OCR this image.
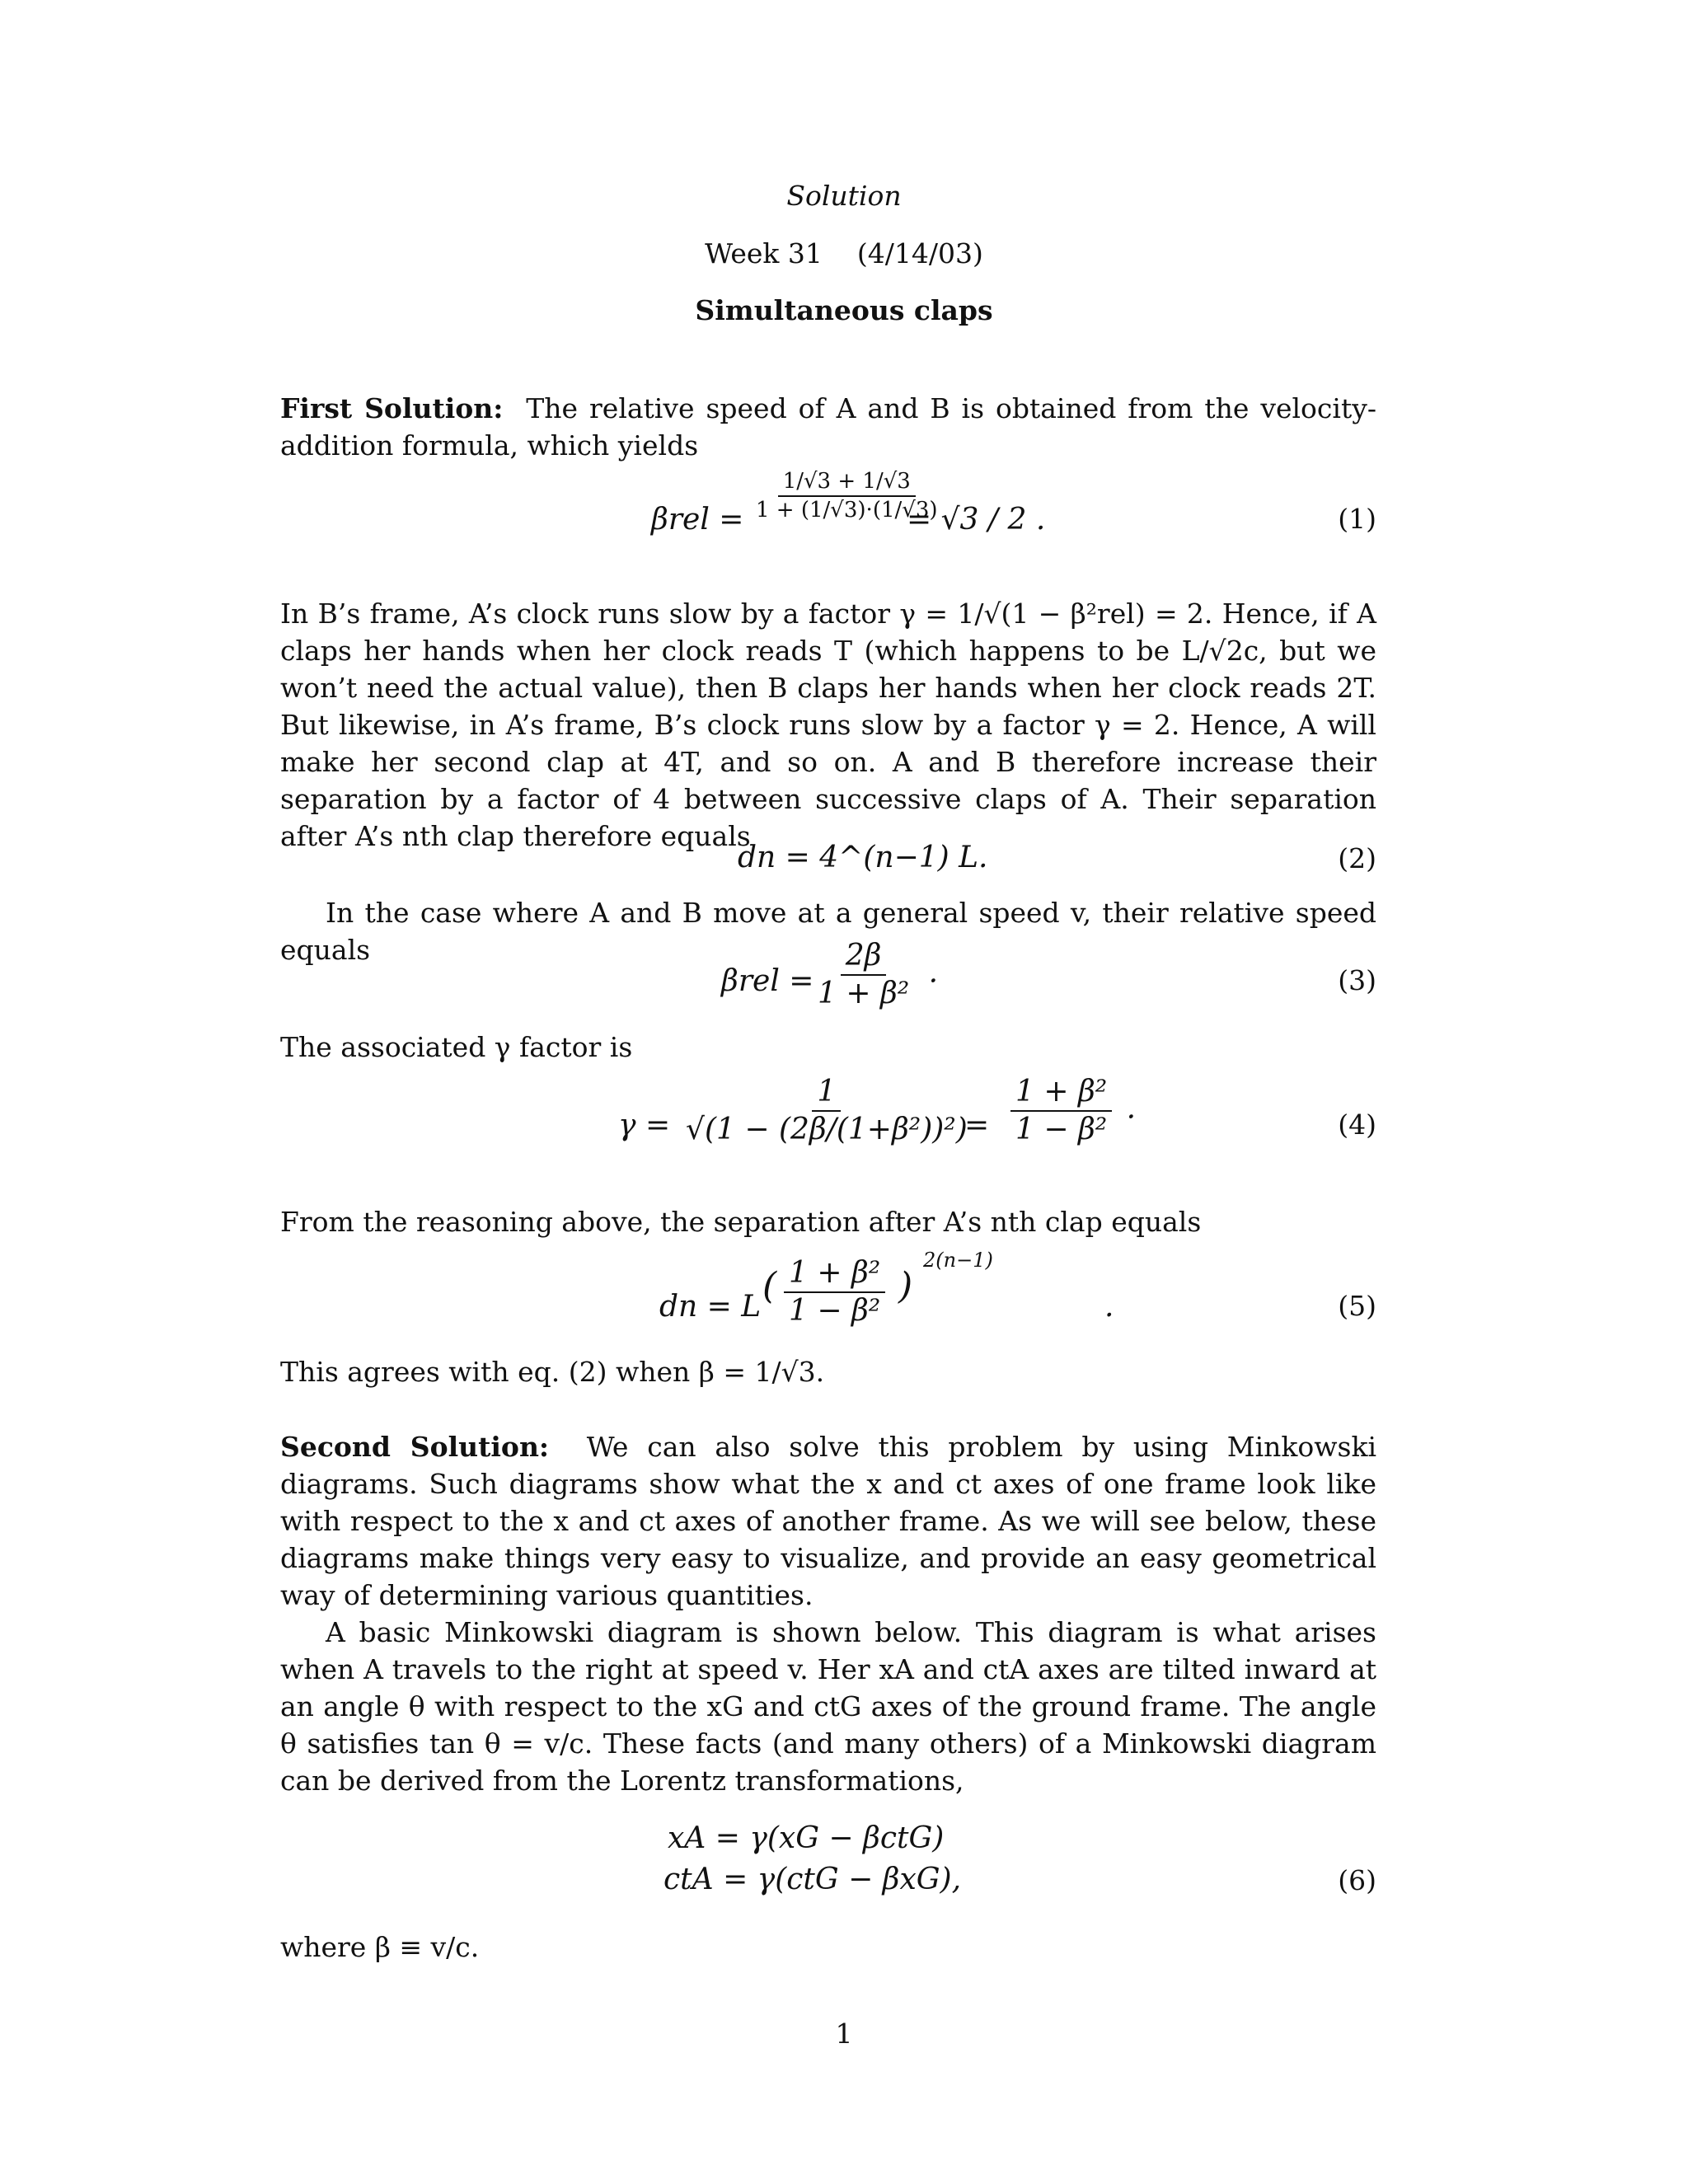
Solution
Week 31 (4/14/03)
Simultaneous claps

First Solution: The relative speed of A and B is obtained from the velocity-addition formula, which yields

$\beta rel = \frac{1/√3 + 1/√3}{1 + (1/√3)\cdot(1/√3)}$
= √3 / 2 .	(1)

In B’s frame, A’s clock runs slow by a factor γ = 1/√(1 − β²rel) = 2. Hence, if A claps her hands when her clock reads T (which happens to be L/√2c, but we won’t need the actual value), then B claps her hands when her clock reads 2T. But likewise, in A’s frame, B’s clock runs slow by a factor γ = 2. Hence, A will make her second clap at 4T, and so on. A and B therefore increase their separation by a factor of 4 between successive claps of A. Their separation after A’s nth clap therefore equals

dn = 4^(n−1) L.	(2)

In the case where A and B move at a general speed v, their relative speed equals

βrel =
$\frac{2\beta}{\text{1 + β²}}$ .	(3)

The associated γ factor is

$\gamma = \frac{1}{\text{√(1 − (2β/(1+β²))²)}}$
= $\frac{\text{1 + β²}}{\text{1 − β²}}$ .	(4)

From the reasoning above, the separation after A’s nth clap equals

dn = L ( $\frac{\text{1 + β²}}{\text{1 − β²}}$ )
2(n−1)
.	(5)

This agrees with eq. (2) when β = 1/√3.

Second Solution: We can also solve this problem by using Minkowski diagrams. Such diagrams show what the x and ct axes of one frame look like with respect to the x and ct axes of another frame. As we will see below, these diagrams make things very easy to visualize, and provide an easy geometrical way of determining various quantities.

A basic Minkowski diagram is shown below. This diagram is what arises when A travels to the right at speed v. Her xA and ctA axes are tilted inward at an angle θ with respect to the xG and ctG axes of the ground frame. The angle θ satisfies tan θ = v/c. These facts (and many others) of a Minkowski diagram can be derived from the Lorentz transformations,

xA = γ(xG − βctG)
ctA = γ(ctG − βxG),	(6)

where β ≡ v/c.

1
